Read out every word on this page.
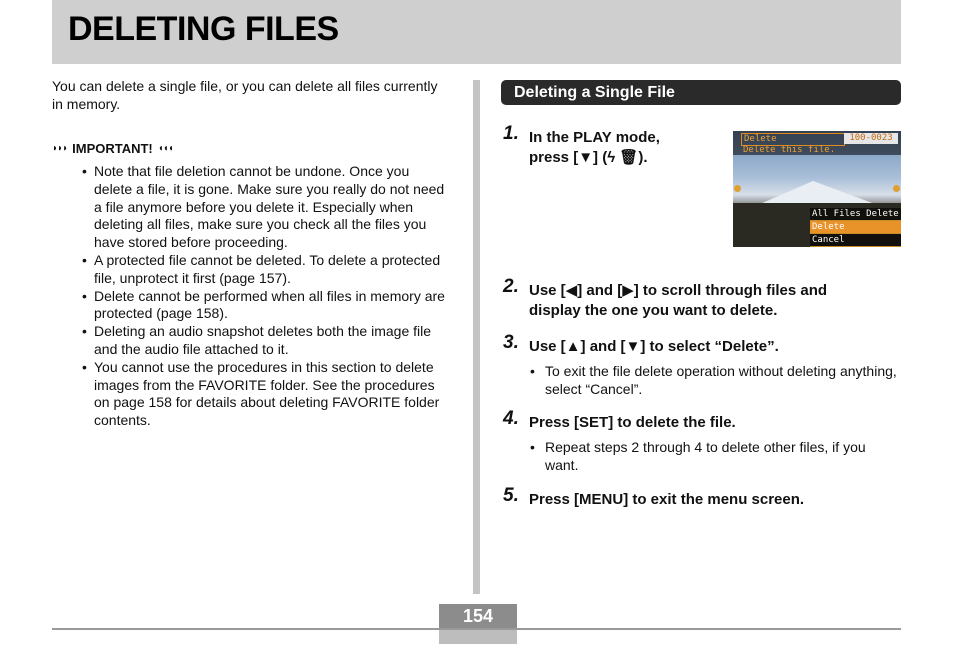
DELETING FILES
You can delete a single file, or you can delete all files currently in memory.
◗◗◗ IMPORTANT! ◖◖◖
• Note that file deletion cannot be undone. Once you delete a file, it is gone. Make sure you really do not need a file anymore before you delete it. Especially when deleting all files, make sure you check all the files you have stored before proceeding.
• A protected file cannot be deleted. To delete a protected file, unprotect it first (page 157).
• Delete cannot be performed when all files in memory are protected (page 158).
• Deleting an audio snapshot deletes both the image file and the audio file attached to it.
• You cannot use the procedures in this section to delete images from the FAVORITE folder. See the procedures on page 158 for details about deleting FAVORITE folder contents.
Deleting a Single File
1. In the PLAY mode,
press [▼] (ϟ 🗑).
Delete	100-0023
Delete this file.
All Files Delete
Delete
Cancel
2. Use [◀] and [▶] to scroll through files and
display the one you want to delete.
3. Use [▲] and [▼] to select “Delete”.
• To exit the file delete operation without deleting anything, select “Cancel”.
4. Press [SET] to delete the file.
• Repeat steps 2 through 4 to delete other files, if you want.
5. Press [MENU] to exit the menu screen.
154
